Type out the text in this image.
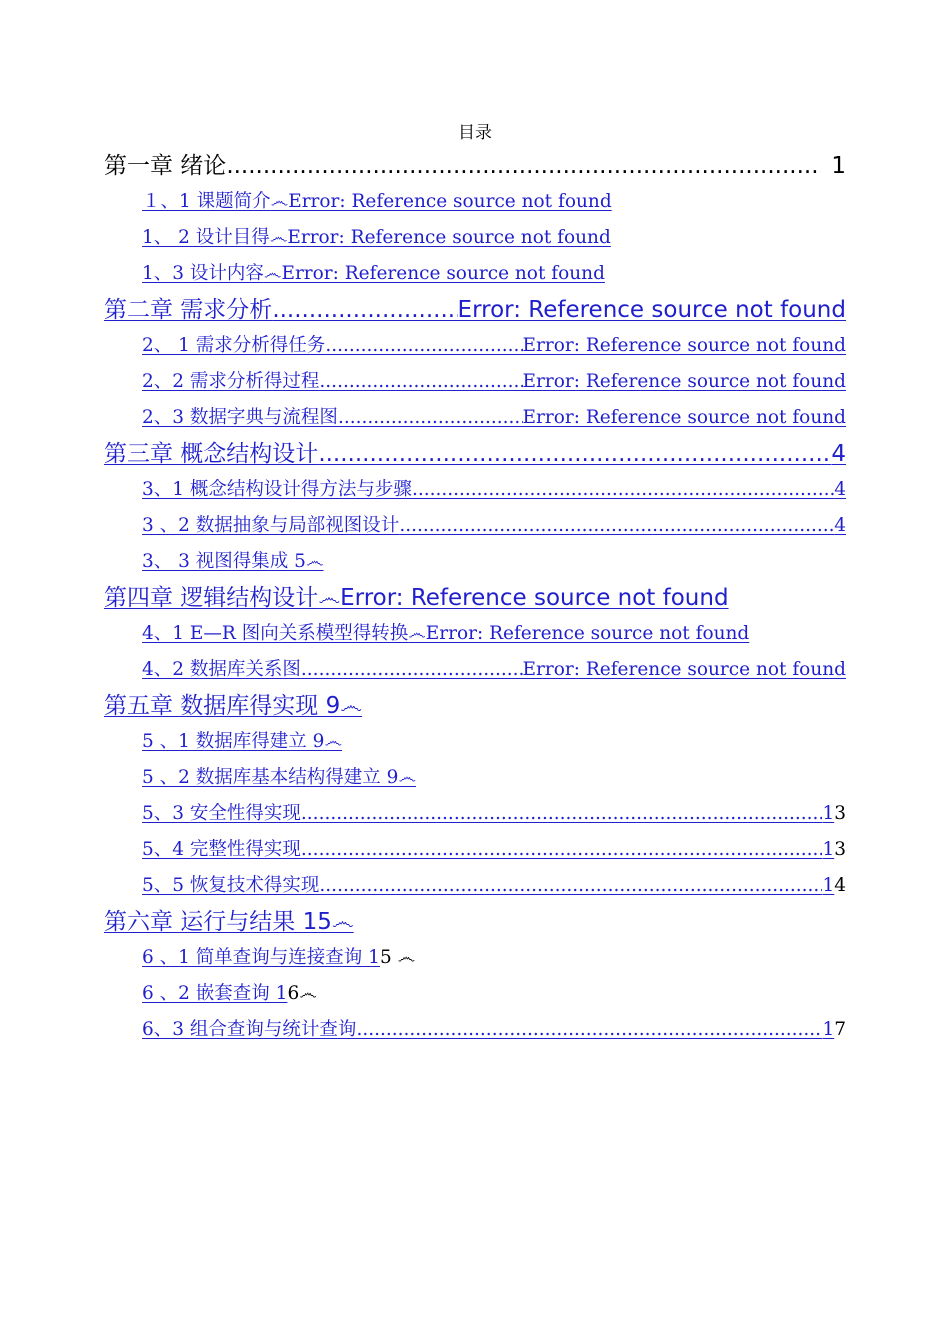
目录
第一章 绪论 .....	1
１、1 课题简介 ෴Error: Reference source not found
1、 2 设计目得 ෴Error: Reference source not found
1、3 设计内容 ෴Error: Reference source not found
第二章 需求分析 .....	Error: Reference source not found
2、 1 需求分析得任务 .....	Error: Reference source not found
2、2 需求分析得过程 .....	Error: Reference source not found
2、3 数据字典与流程图 .....	Error: Reference source not found
第三章 概念结构设计 .....	4
3、1 概念结构设计得方法与步骤 .....	4
3 、2 数据抽象与局部视图设计 .....	4
3、 3 视图得集成 5 ෴
第四章 逻辑结构设计 ෴Error: Reference source not found
4、1 E—R 图向关系模型得转换 ෴Error: Reference source not found
4、2 数据库关系图 .....	Error: Reference source not found
第五章 数据库得实现 9 ෴
5 、1 数据库得建立 9 ෴
5 、2 数据库基本结构得建立 9 ෴
5、3 安全性得实现 .....	1 3
5、4 完整性得实现 .....	1 3
5、5 恢复技术得实现 .....	1 4
第六章 运行与结果 1 5෴
6 、1 简单查询与连接查询 1 5 ෴
6 、2 嵌套查询 1 6෴
6、3 组合查询与统计查询 .....	1 7
